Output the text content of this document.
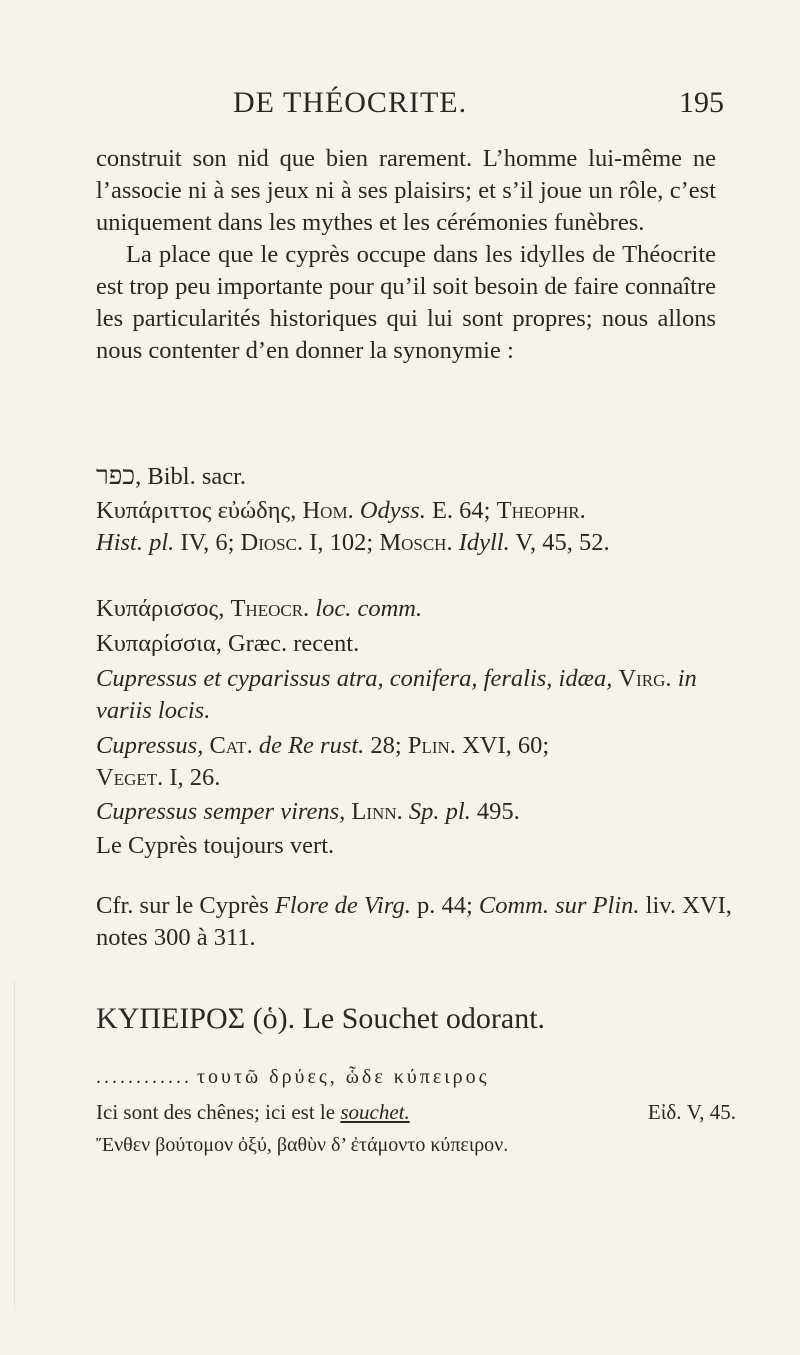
DE THÉOCRITE.	195

construit son nid que bien rarement. L’homme lui-même ne l’associe ni à ses jeux ni à ses plaisirs; et s’il joue un rôle, c’est uniquement dans les mythes et les cérémonies funèbres.

La place que le cyprès occupe dans les idylles de Théocrite est trop peu importante pour qu’il soit besoin de faire connaître les particularités historiques qui lui sont propres; nous allons nous contenter d’en donner la synonymie :

כפר, Bibl. sacr.
Κυπάριττος εὐώδης, Hom. Odyss. E. 64; Theophr.
Hist. pl. IV, 6; Diosc. I, 102; Mosch. Idyll. V, 45, 52.
Κυπάρισσος, Theocr. loc. comm.
Κυπαρίσσια, Græc. recent.
Cupressus et cyparissus atra, conifera, feralis, idæa, Virg. in variis locis.
Cupressus, Cat. de Re rust. 28; Plin. XVI, 60;
Veget. I, 26.
Cupressus semper virens, Linn. Sp. pl. 495.
Le Cyprès toujours vert.
Cfr. sur le Cyprès Flore de Virg. p. 44; Comm. sur Plin. liv. XVI, notes 300 à 311.
ΚΥΠΕΙΡΟΣ (ὁ). Le Souchet odorant.
............ τουτῶ δρύες, ὧδε κύπειρος
Ici sont des chênes; ici est le souchet.	Εἰδ. V, 45.
Ἔνθεν βούτομον ὀξύ, βαθὺν δ’ ἐτάμοντο κύπειρον.
